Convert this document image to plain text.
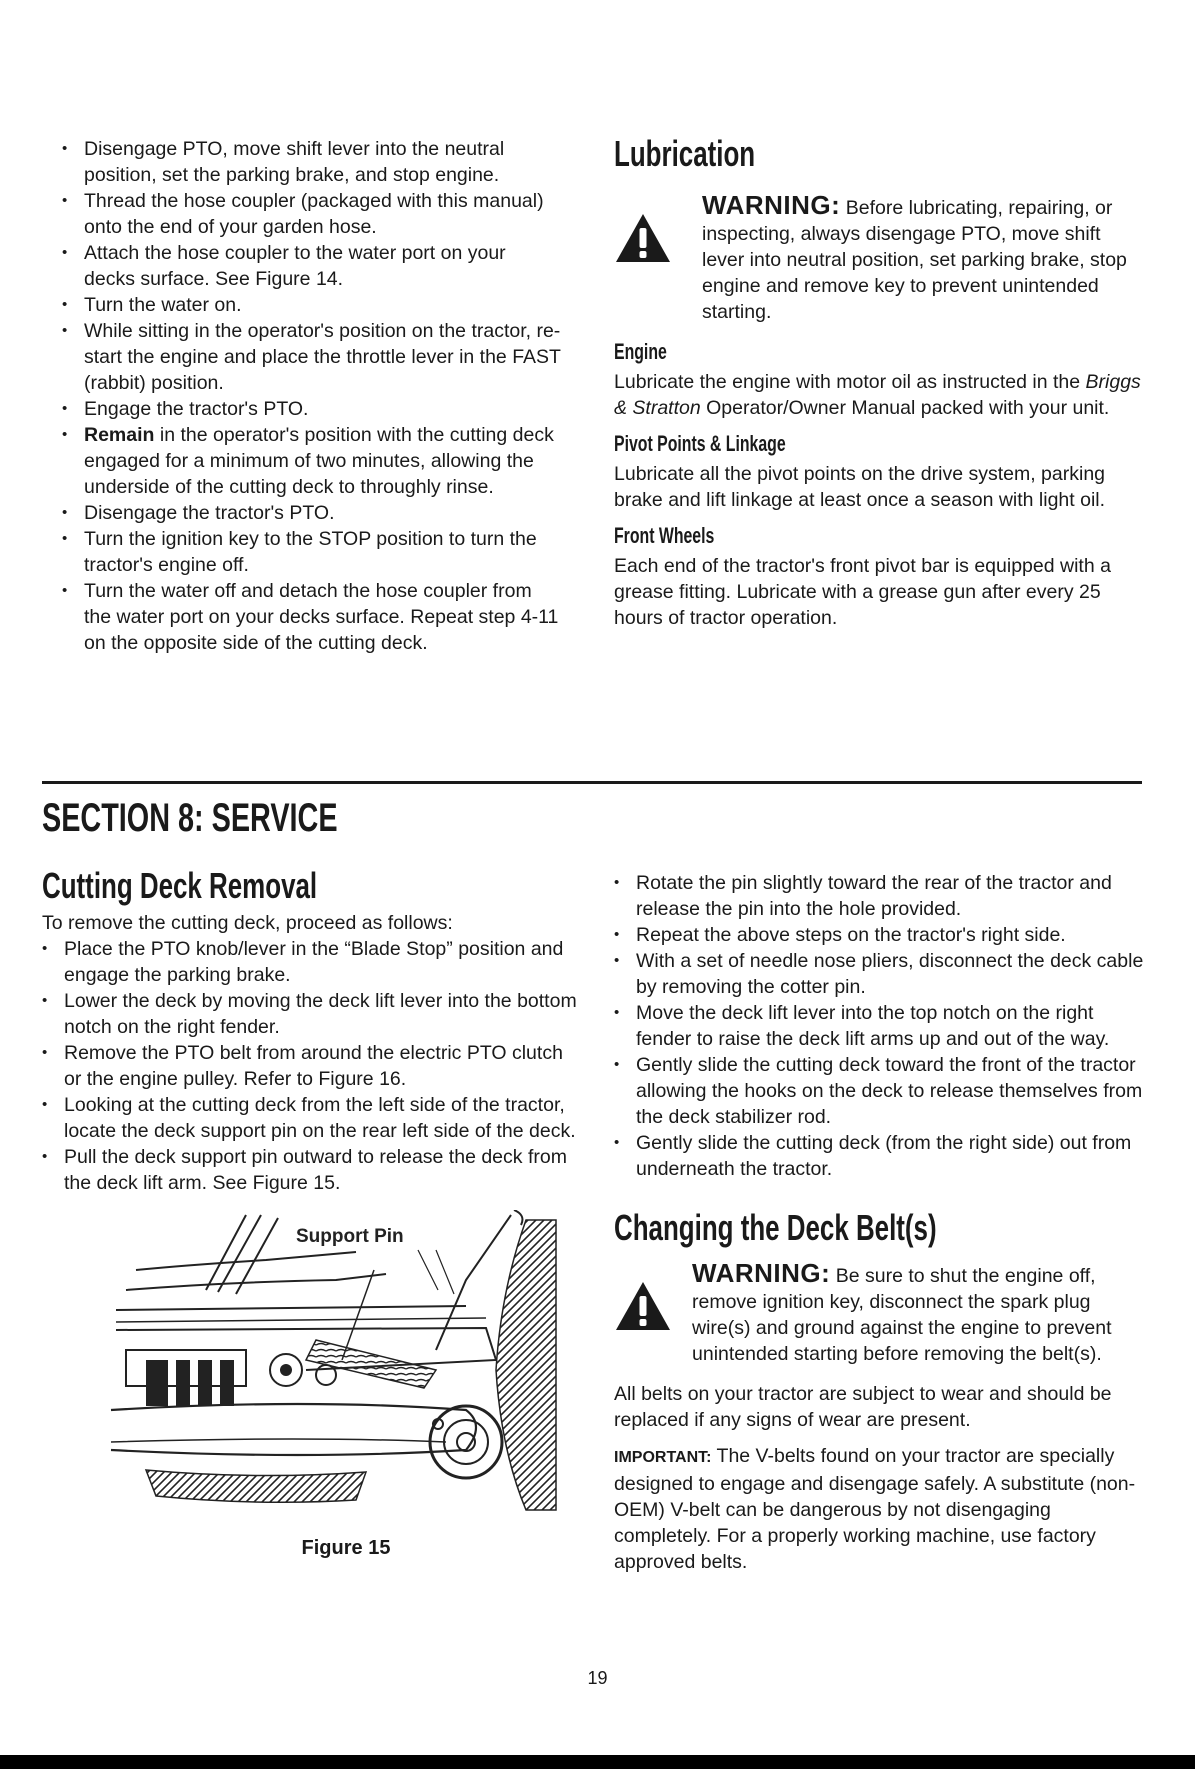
• Disengage PTO, move shift lever into the neutral position, set the parking brake, and stop engine.
• Thread the hose coupler (packaged with this manual) onto the end of your garden hose.
• Attach the hose coupler to the water port on your decks surface. See Figure 14.
• Turn the water on.
• While sitting in the operator's position on the tractor, re-start the engine and place the throttle lever in the FAST (rabbit) position.
• Engage the tractor's PTO.
• Remain in the operator's position with the cutting deck engaged for a minimum of two minutes, allowing the underside of the cutting deck to throughly rinse.
• Disengage the tractor's PTO.
• Turn the ignition key to the STOP position to turn the tractor's engine off.
• Turn the water off and detach the hose coupler from the water port on your decks surface. Repeat step 4-11 on the opposite side of the cutting deck.
Lubrication
WARNING: Before lubricating, repairing, or inspecting, always disengage PTO, move shift lever into neutral position, set parking brake, stop engine and remove key to prevent unintended starting.
Engine

Lubricate the engine with motor oil as instructed in the Briggs & Stratton Operator/Owner Manual packed with your unit.

Pivot Points & Linkage

Lubricate all the pivot points on the drive system, parking brake and lift linkage at least once a season with light oil.

Front Wheels

Each end of the tractor's front pivot bar is equipped with a grease fitting. Lubricate with a grease gun after every 25 hours of tractor operation.

SECTION 8: SERVICE
Cutting Deck Removal
To remove the cutting deck, proceed as follows:
• Place the PTO knob/lever in the “Blade Stop” position and engage the parking brake.
• Lower the deck by moving the deck lift lever into the bottom notch on the right fender.
• Remove the PTO belt from around the electric PTO clutch or the engine pulley. Refer to Figure 16.
• Looking at the cutting deck from the left side of the tractor, locate the deck support pin on the rear left side of the deck.
• Pull the deck support pin outward to release the deck from the deck lift arm. See Figure 15.
Support Pin
Figure 15
• Rotate the pin slightly toward the rear of the tractor and release the pin into the hole provided.
• Repeat the above steps on the tractor's right side.
• With a set of needle nose pliers, disconnect the deck cable by removing the cotter pin.
• Move the deck lift lever into the top notch on the right fender to raise the deck lift arms up and out of the way.
• Gently slide the cutting deck toward the front of the tractor allowing the hooks on the deck to release themselves from the deck stabilizer rod.
• Gently slide the cutting deck (from the right side) out from underneath the tractor.
Changing the Deck Belt(s)
WARNING: Be sure to shut the engine off, remove ignition key, disconnect the spark plug wire(s) and ground against the engine to prevent unintended starting before removing the belt(s).

All belts on your tractor are subject to wear and should be replaced if any signs of wear are present.

IMPORTANT: The V-belts found on your tractor are specially designed to engage and disengage safely. A substitute (non-OEM) V-belt can be dangerous by not disengaging completely. For a properly working machine, use factory approved belts.

19
